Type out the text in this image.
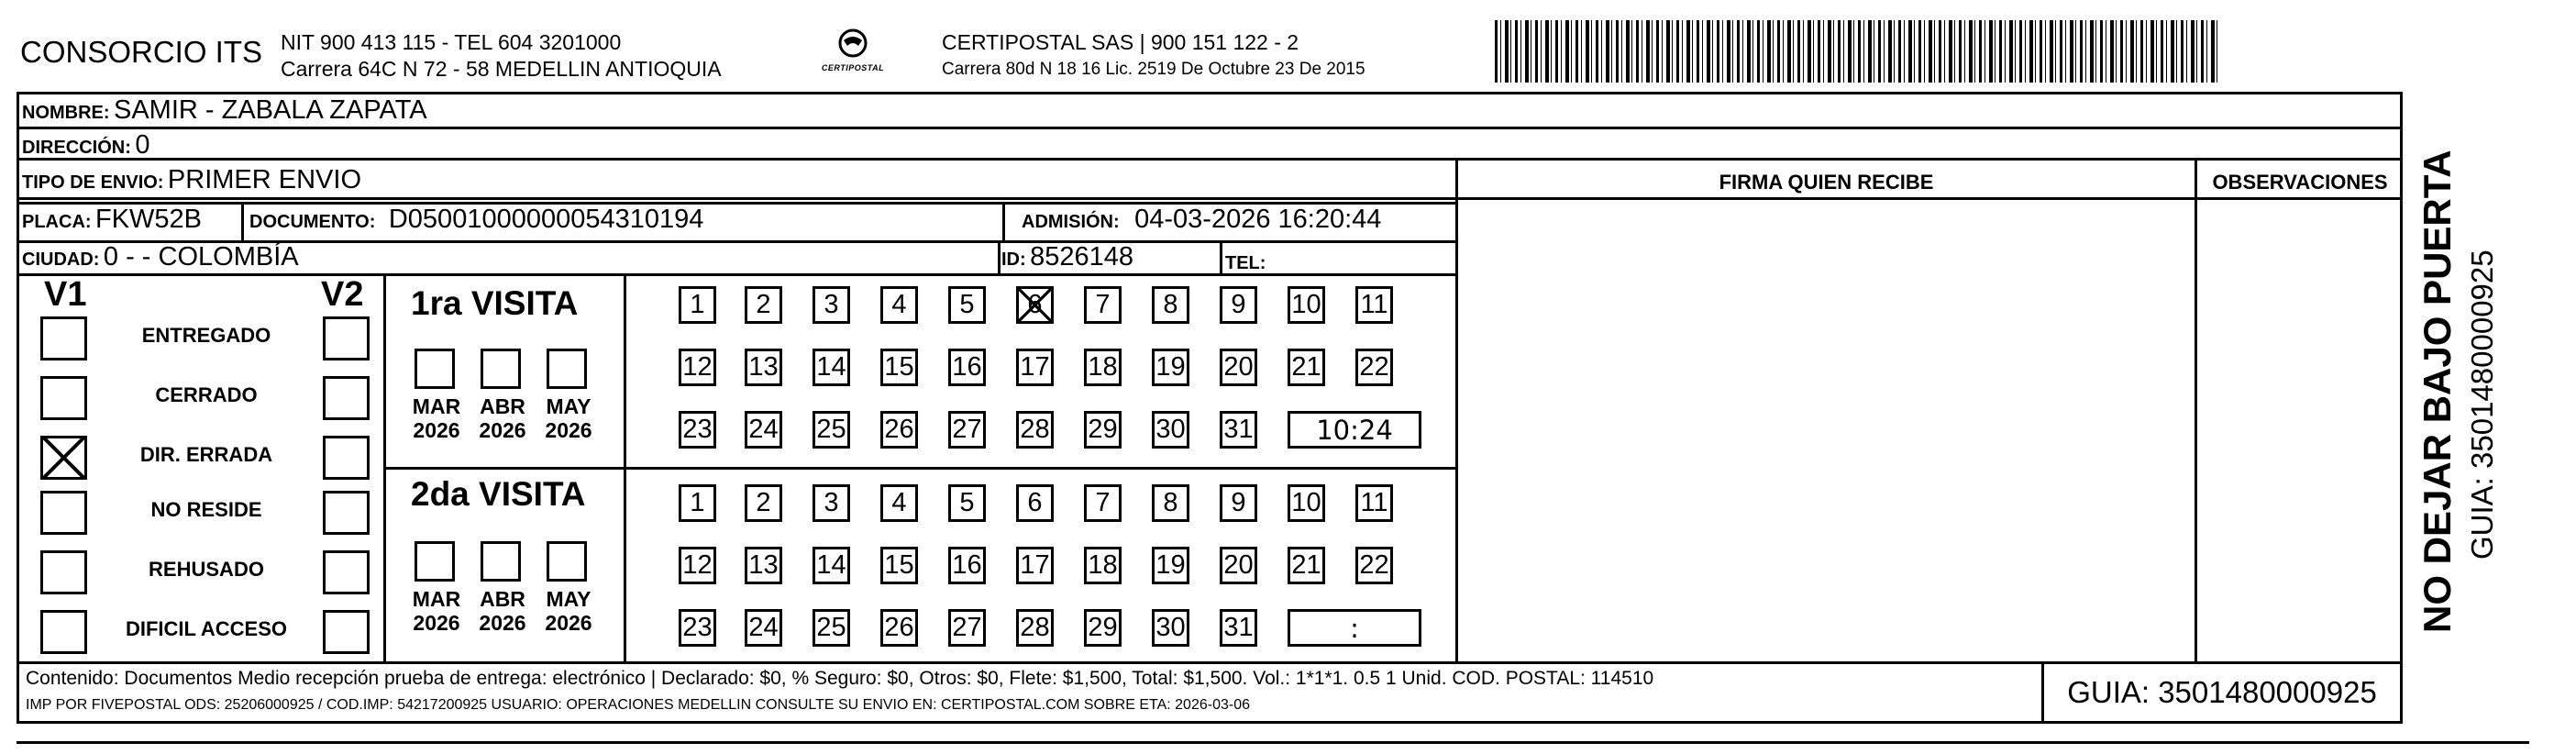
CONSORCIO ITS NIT 900 413 115 - TEL 604 3201000
Carrera 64C N 72 - 58 MEDELLIN ANTIOQUIA	CERTIPOSTAL
CERTIPOSTAL SAS | 900 151 122 - 2
Carrera 80d N 18 16 Lic. 2519 De Octubre 23 De 2015
NOMBRE: SAMIR - ZABALA ZAPATA
DIRECCIÓN: 0
TIPO DE ENVIO: PRIMER ENVIO
PLACA: FKW52B	DOCUMENTO: D05001000000054310194	ADMISIÓN: 04-03-2026 16:20:44
CIUDAD: 0 - - COLOMBÍA	ID: 8526148	TEL:
FIRMA QUIEN RECIBE	OBSERVACIONES
V1	V2 1ra VISITA
2da VISITA
Contenido: Documentos Medio recepción prueba de entrega: electrónico | Declarado: $0, % Seguro: $0, Otros: $0, Flete: $1,500, Total: $1,500. Vol.: 1*1*1. 0.5 1 Unid. COD. POSTAL: 114510
IMP POR FIVEPOSTAL ODS: 25206000925 / COD.IMP: 54217200925 USUARIO: OPERACIONES MEDELLIN CONSULTE SU ENVIO EN: CERTIPOSTAL.COM SOBRE ETA: 2026-03-06	GUIA: 3501480000925
NO DEJAR BAJO PUERTA GUIA: 3501480000925
ENTREGADO
CERRADO
DIR. ERRADA
NO RESIDE
REHUSADO
DIFICIL ACCESO
MAR
2026
ABR
2026
MAY
2026
MAR
2026
ABR
2026
MAY
2026
1	2	3	4	5	6	7	8	9	10 11
12 13 14 15 16 17 18 19 20 21 22
23 24 25 26 27 28 29 30 31	10:24
1	2	3	4	5	6	7	8	9	10 11
12 13 14 15 16 17 18 19 20 21 22
23 24 25 26 27 28 29 30 31	:
